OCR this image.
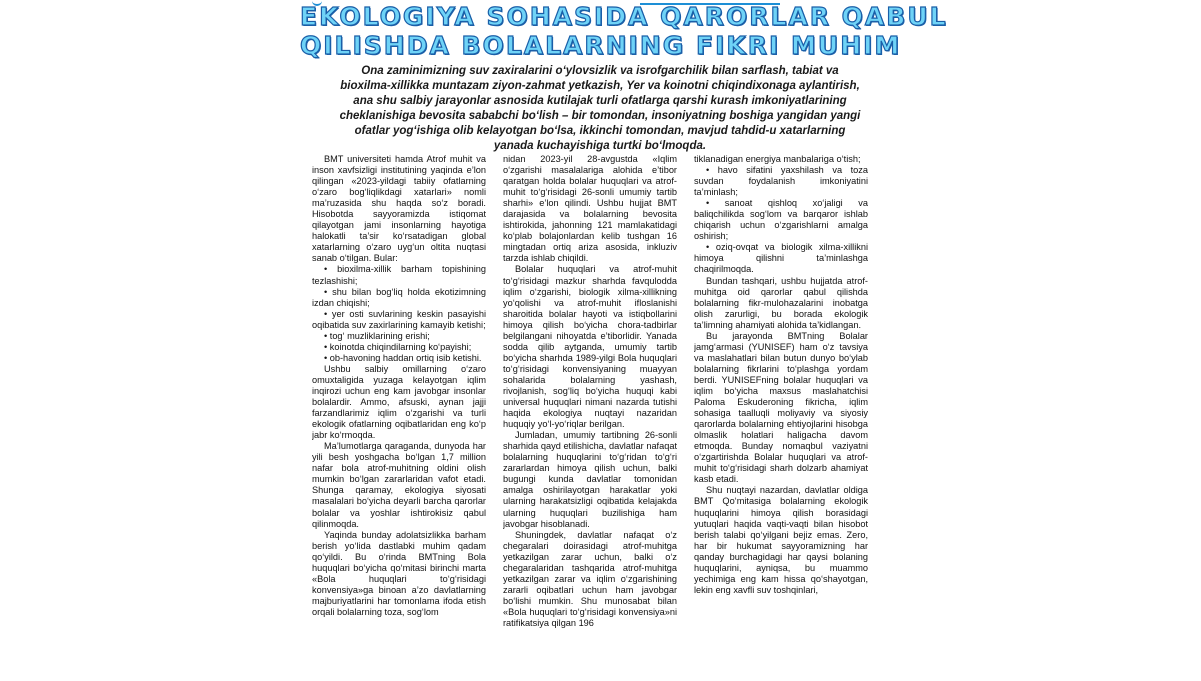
EKOLOGIYA SOHASIDA QARORLAR QABUL
QILISHDA BOLALARNING FIKRI MUHIM
Ona zaminimizning suv zaxiralarini o‘ylovsizlik va isrofgarchilik bilan sarflash, tabiat va
bioxilma-xillikka muntazam ziyon-zahmat yetkazish, Yer va koinotni chiqindixonaga aylantirish,
ana shu salbiy jarayonlar asnosida kutilajak turli ofatlarga qarshi kurash imkoniyatlarining
cheklanishiga bevosita sababchi bo‘lish – bir tomondan, insoniyatning boshiga yangidan yangi
ofatlar yog‘ishiga olib kelayotgan bo‘lsa, ikkinchi tomondan, mavjud tahdid-u xatarlarning
yanada kuchayishiga turtki bo‘lmoqda.

BMT universiteti hamda Atrof muhit va inson xavfsizligi institutining yaqinda e’lon qilingan «2023-yildagi tabiiy ofatlarning o‘zaro bog‘liqlikdagi xatarlari» nomli ma’ruzasida shu haqda so‘z boradi. Hisobotda sayyoramizda istiqomat qilayotgan jami insonlarning hayotiga halokatli ta’sir ko‘rsatadigan global xatarlarning o‘zaro uyg‘un oltita nuqtasi sanab o‘tilgan. Bular:

• bioxilma-xillik barham topishining tezlashishi;

• shu bilan bog‘liq holda ekotizimning izdan chiqishi;

• yer osti suvlarining keskin pasayishi oqibatida suv zaxirlarining kamayib ketishi;

• tog‘ muzliklarining erishi;

• koinotda chiqindilarning ko‘payishi;

• ob-havoning haddan ortiq isib ketishi.

Ushbu salbiy omillarning o‘zaro omuxtaligida yuzaga kelayotgan iqlim inqirozi uchun eng kam javobgar insonlar bolalardir. Ammo, afsuski, aynan jajji farzandlarimiz iqlim o‘zgarishi va turli ekologik ofatlarning oqibatlaridan eng ko‘p jabr ko‘rmoqda.

Ma’lumotlarga qaraganda, dunyoda har yili besh yoshgacha bo‘lgan 1,7 million nafar bola atrof-muhitning oldini olish mumkin bo‘lgan zararlaridan vafot etadi. Shunga qaramay, ekologiya siyosati masalalari bo‘yicha deyarli barcha qarorlar bolalar va yoshlar ishtirokisiz qabul qilinmoqda.

Yaqinda bunday adolatsizlikka barham berish yo‘lida dastlabki muhim qadam qo‘yildi. Bu o‘rinda BMTning Bola huquqlari bo‘yicha qo‘mitasi birinchi marta «Bola huquqlari to‘g‘risidagi konvensiya»ga binoan a’zo davlatlarning majburiyatlarini har tomonlama ifoda etish orqali bolalarning toza, sog‘lom

nidan 2023-yil 28-avgustda «Iqlim o‘zgarishi masalalariga alohida e’tibor qaratgan holda bolalar huquqlari va atrof-muhit to‘g‘risidagi 26-sonli umumiy tartib sharhi» e’lon qilindi. Ushbu hujjat BMT darajasida va bolalarning bevosita ishtirokida, jahonning 121 mamlakatidagi ko‘plab bolajonlardan kelib tushgan 16 mingtadan ortiq ariza asosida, inkluziv tarzda ishlab chiqildi.

Bolalar huquqlari va atrof-muhit to‘g‘risidagi mazkur sharhda favqulodda iqlim o‘zgarishi, biologik xilma-xillikning yo‘qolishi va atrof-muhit ifloslanishi sharoitida bolalar hayoti va istiqbollarini himoya qilish bo‘yicha chora-tadbirlar belgilangani nihoyatda e’tiborlidir. Yanada sodda qilib aytganda, umumiy tartib bo‘yicha sharhda 1989-yilgi Bola huquqlari to‘g‘risidagi konvensiyaning muayyan sohalarida bolalarning yashash, rivojlanish, sog‘liq bo‘yicha huquqi kabi universal huquqlari nimani nazarda tutishi haqida ekologiya nuqtayi nazaridan huquqiy yo‘l-yo‘riqlar berilgan.

Jumladan, umumiy tartibning 26-sonli sharhida qayd etilishicha, davlatlar nafaqat bolalarning huquqlarini to‘g‘ridan to‘g‘ri zararlardan himoya qilish uchun, balki bugungi kunda davlatlar tomonidan amalga oshirilayotgan harakatlar yoki ularning harakatsizligi oqibatida kelajakda ularning huquqlari buzilishiga ham javobgar hisoblanadi.

Shuningdek, davlatlar nafaqat o‘z chegaralari doirasidagi atrof-muhitga yetkazilgan zarar uchun, balki o‘z chegaralaridan tashqarida atrof-muhitga yetkazilgan zarar va iqlim o‘zgarishining zararli oqibatlari uchun ham javobgar bo‘lishi mumkin. Shu munosabat bilan «Bola huquqlari to‘g‘risidagi konvensiya»ni ratifikatsiya qilgan 196

tiklanadigan energiya manbalariga o‘tish;

• havo sifatini yaxshilash va toza suvdan foydalanish imkoniyatini ta’minlash;

• sanoat qishloq xo‘jaligi va baliqchilikda sog‘lom va barqaror ishlab chiqarish uchun o‘zgarishlarni amalga oshirish;

• oziq-ovqat va biologik xilma-xillikni himoya qilishni ta’minlashga chaqirilmoqda.

Bundan tashqari, ushbu hujjatda atrof-muhitga oid qarorlar qabul qilishda bolalarning fikr-mulohazalarini inobatga olish zarurligi, bu borada ekologik ta’limning ahamiyati alohida ta’kidlangan.

Bu jarayonda BMTning Bolalar jamg‘armasi (YUNISEF) ham o‘z tavsiya va maslahatlari bilan butun dunyo bo‘ylab bolalarning fikrlarini to‘plashga yordam berdi. YUNISEFning bolalar huquqlari va iqlim bo‘yicha maxsus maslahatchisi Paloma Eskuderoning fikricha, iqlim sohasiga taalluqli moliyaviy va siyosiy qarorlarda bolalarning ehtiyojlarini hisobga olmaslik holatlari haligacha davom etmoqda. Bunday nomaqbul vaziyatni o‘zgartirishda Bolalar huquqlari va atrof-muhit to‘g‘risidagi sharh dolzarb ahamiyat kasb etadi.

Shu nuqtayi nazardan, davlatlar oldiga BMT Qo‘mitasiga bolalarning ekologik huquqlarini himoya qilish borasidagi yutuqlari haqida vaqti-vaqti bilan hisobot berish talabi qo‘yilgani bejiz emas. Zero, har bir hukumat sayyoramizning har qanday burchagidagi har qaysi bolaning huquqlarini, ayniqsa, bu muammo yechimiga eng kam hissa qo‘shayotgan, lekin eng xavfli suv toshqinlari,
